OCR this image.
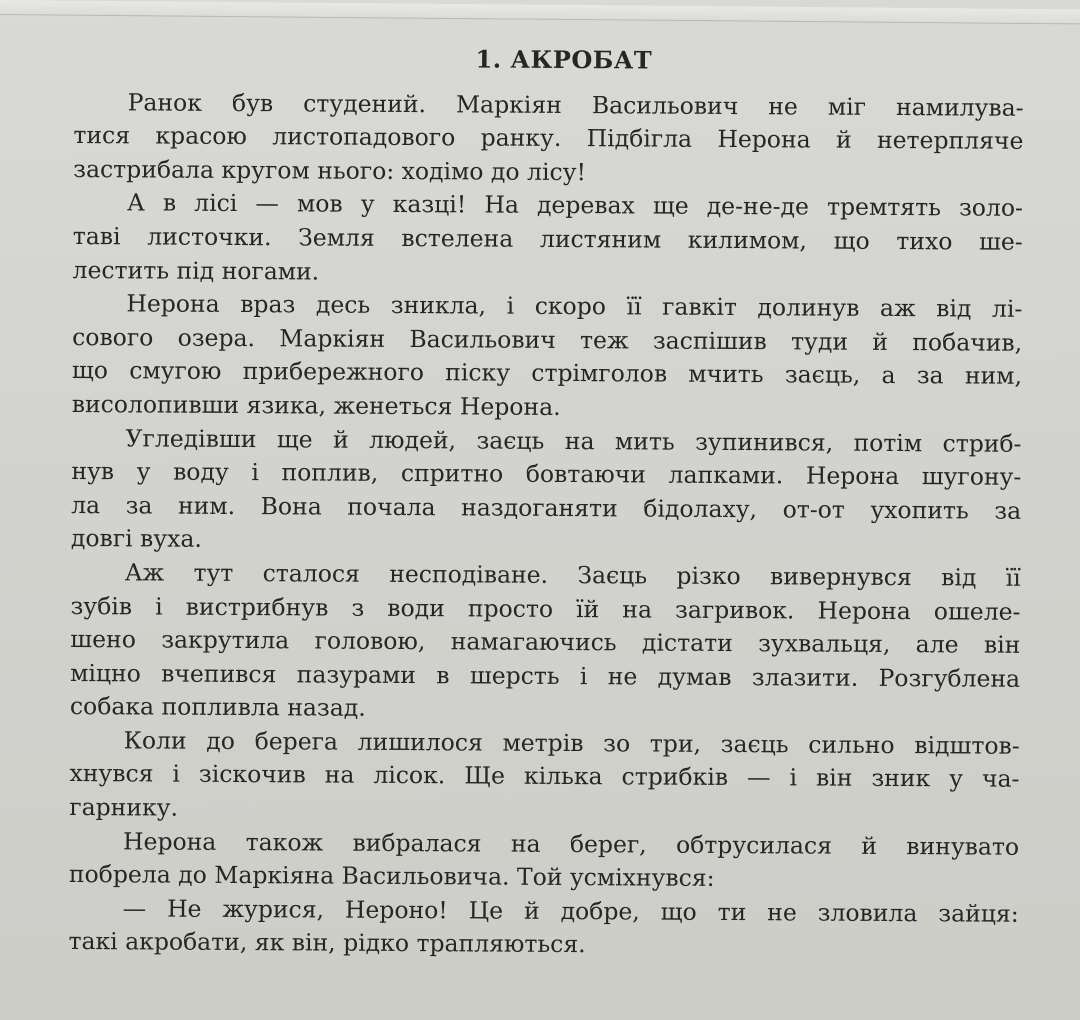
1. АКРОБАТ
Ранок був студений. Маркіян Васильович не міг намилува-
тися красою листопадового ранку. Підбігла Нерона й нетерпляче
застрибала кругом нього: ходімо до лісу!
А в лісі — мов у казці! На деревах ще де-не-де тремтять золо-
таві листочки. Земля встелена листяним килимом, що тихо ше-
лестить під ногами.
Нерона враз десь зникла, і скоро її гавкіт долинув аж від лі-
сового озера. Маркіян Васильович теж заспішив туди й побачив,
що смугою прибережного піску стрімголов мчить заєць, а за ним,
висолопивши язика, женеться Нерона.
Угледівши ще й людей, заєць на мить зупинився, потім стриб-
нув у воду і поплив, спритно бовтаючи лапками. Нерона шугону-
ла за ним. Вона почала наздоганяти бідолаху, от-от ухопить за
довгі вуха.
Аж тут сталося несподіване. Заєць різко вивернувся від її
зубів і вистрибнув з води просто їй на загривок. Нерона ошеле-
шено закрутила головою, намагаючись дістати зухвальця, але він
міцно вчепився пазурами в шерсть і не думав злазити. Розгублена
собака попливла назад.
Коли до берега лишилося метрів зо три, заєць сильно відштов-
хнувся і зіскочив на лісок. Ще кілька стрибків — і він зник у ча-
гарнику.
Нерона також вибралася на берег, обтрусилася й винувато
побрела до Маркіяна Васильовича. Той усміхнувся:
— Не журися, Нероно! Це й добре, що ти не зловила зайця:
такі акробати, як він, рідко трапляються.
